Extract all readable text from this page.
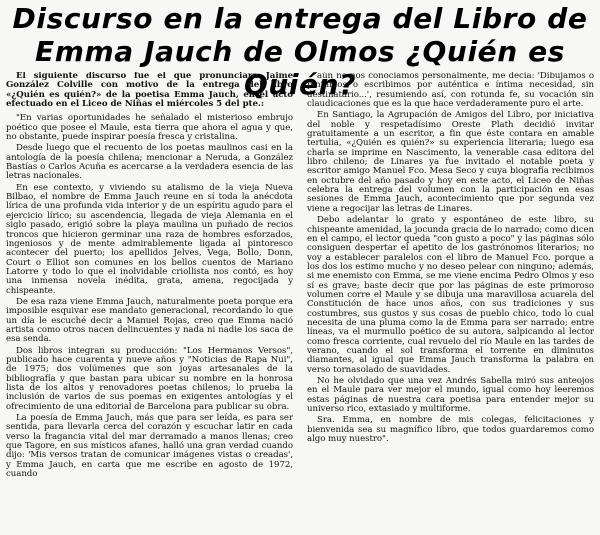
Discurso en la entrega del Libro de
Emma Jauch de Olmos ¿Quién es Quién?

El siguiente discurso fue el que pronunciara Jaime González Colville con motivo de la entrega del libro «¿Quién es quién?» de la poetisa Emma Jauch, en el acto efectuado en el Liceo de Niñas el miércoles 5 del pte.:

"En varias oportunidades he señalado el misterioso embrujo poético que posee el Maule, esta tierra que ahora el agua y que, no obstante, puede inspirar poesía fresca y cristalina.

Desde luego que el recuento de los poetas maulinos casi en la antología de la poesía chilena; mencionar a Neruda, a González Bastías o Carlos Acuña es acercarse a la verdadera esencia de las letras nacionales.

En ese contexto, y viviendo su atalismo de la vieja Nueva Bilbao, el nombre de Emma Jauch reune en sí toda la anécdota lírica de una profunda vida interior y de un espíritu agudo para el ejercicio lírico; su ascendencia, llegada de vieja Alemania en el siglo pasado, erigió sobre la playa maulina un puñado de recios troncos que hicieron germinar una raza de hombres esforzados, ingeniosos y de mente admirablemente ligada al pintoresco acontecer del puerto; los apellidos Jelves, Vega, Bollo, Donn, Court o Elliot son comunes en los bellos cuentos de Mariano Latorre y todo lo que el inolvidable criollista nos contó, es hoy una inmensa novela inédita, grata, amena, regocijada y chispeante.

De esa raza viene Emma Jauch, naturalmente poeta porque era imposible esquivar ese mandato generacional, recordando lo que un día le escuché decir a Manuel Rojas, creo que Emma nació artista como otros nacen delincuentes y nada ni nadie los saca de esa senda.

Dos libros integran su producción: "Los Hermanos Versos", publicado hace cuarenta y nueve años y "Noticias de Rapa Nui", de 1975; dos volúmenes que son joyas artesanales de la bibliografía y que bastan para ubicar su nombre en la honrosa lista de los altos y renovadores poetas chilenos; lo prueba la inclusión de varios de sus poemas en exigentes antologías y el ofrecimiento de una editorial de Barcelona para publicar su obra.

La poesía de Emma Jauch, más que para ser leída, es para ser sentida, para llevarla cerca del corazón y escuchar latir en cada verso la fragancia vital del mar derramado a manos llenas; creo que Tagore, en sus místicos afanes, halló una gran verdad cuando dijo: 'Mis versos tratan de comunicar imágenes vistas o creadas', y Emma Jauch, en carta que me escribe en agosto de 1972, cuando

aún no nos conocíamos personalmente, me decía: 'Dibujamos o pintamos o escribimos por auténtica e íntima necesidad, sin destinatario...', resumiendo así, con rotunda fe, su vocación sin claudicaciones que es la que hace verdaderamente puro el arte.

En Santiago, la Agrupación de Amigos del Libro, por iniciativa del noble y respetadísimo Oreste Plath decidió invitar gratuitamente a un escritor, a fin que éste contara en amable tertulia, «¿Quién es quién?» su experiencia literaria; luego esa charla se imprime en Nascimento, la venerable casa editora del libro chileno; de Linares ya fue invitado el notable poeta y escritor amigo Manuel Fco. Mesa Seco y cuya biografía recibimos en octubre del año pasado y hoy en este acto, el Liceo de Niñas celebra la entrega del volumen con la participación en esas sesiones de Emma Jauch, acontecimiento que por segunda vez viene a regocijar las letras de Linares.

Debo adelantar lo grato y espontáneo de este libro, su chispeante amenidad, la jocunda gracia de lo narrado; como dicen en el campo, el lector queda "con gusto a poco" y las páginas sólo consiguen despertar el apetito de los gastrónomos literarios; no voy a establecer paralelos con el libro de Manuel Fco. porque a los dos los estimo mucho y no deseo pelear con ninguno; además, si me enemisto con Emma, se me viene encima Pedro Olmos y eso sí es grave; baste decir que por las páginas de este primoroso volumen corre el Maule y se dibuja una maravillosa acuarela del Constitución de hace unos años, con sus tradiciones y sus costumbres, sus gustos y sus cosas de pueblo chico, todo lo cual necesita de una pluma como la de Emma para ser narrado; entre líneas, va el murmullo poético de su autora, salpicando al lector como fresca corriente, cual revuelo del río Maule en las tardes de verano, cuando el sol transforma el torrente en diminutos diamantes, al igual que Emma Jauch transforma la palabra en verso tornasolado de suavidades.

No he olvidado que una vez Andrés Sabella miró sus anteojos en el Maule para ver mejor el mundo, igual como hoy leeremos estas páginas de nuestra cara poetisa para entender mejor su universo rico, extasiado y multiforme.

Sra. Emma, en nombre de mis colegas, felicitaciones y bienvenida sea su magnífico libro, que todos guardaremos como algo muy nuestro".
